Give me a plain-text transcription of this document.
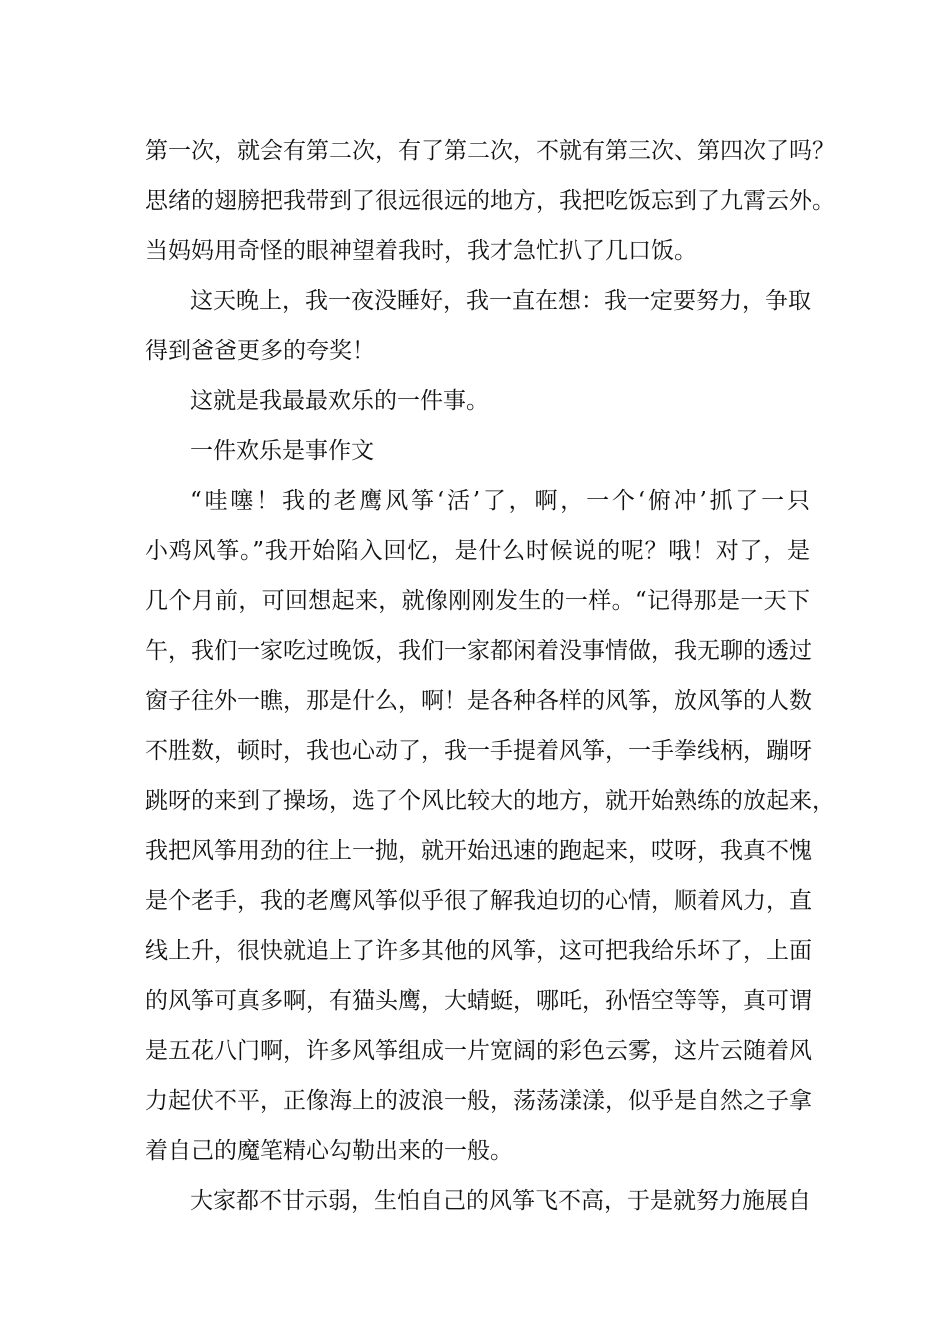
第一次，就会有第二次，有了第二次，不就有第三次、第四次了吗？
思绪的翅膀把我带到了很远很远的地方，我把吃饭忘到了九霄云外。
当妈妈用奇怪的眼神望着我时，我才急忙扒了几口饭。
这天晚上，我一夜没睡好，我一直在想：我一定要努力，争取
得到爸爸更多的夸奖！
这就是我最最欢乐的一件事。
一件欢乐是事作文
“哇噻！我的老鹰风筝‘活’了，啊，一个‘俯冲’抓了一只
小鸡风筝。”我开始陷入回忆，是什么时候说的呢？哦！对了，是
几个月前，可回想起来，就像刚刚发生的一样。“记得那是一天下
午，我们一家吃过晚饭，我们一家都闲着没事情做，我无聊的透过
窗子往外一瞧，那是什么，啊！是各种各样的风筝，放风筝的人数
不胜数，顿时，我也心动了，我一手提着风筝，一手拳线柄，蹦呀
跳呀的来到了操场，选了个风比较大的地方，就开始熟练的放起来，
我把风筝用劲的往上一抛，就开始迅速的跑起来，哎呀，我真不愧
是个老手，我的老鹰风筝似乎很了解我迫切的心情，顺着风力，直
线上升，很快就追上了许多其他的风筝，这可把我给乐坏了，上面
的风筝可真多啊，有猫头鹰，大蜻蜓，哪吒，孙悟空等等，真可谓
是五花八门啊，许多风筝组成一片宽阔的彩色云雾，这片云随着风
力起伏不平，正像海上的波浪一般，荡荡漾漾，似乎是自然之子拿
着自己的魔笔精心勾勒出来的一般。
大家都不甘示弱，生怕自己的风筝飞不高，于是就努力施展自
